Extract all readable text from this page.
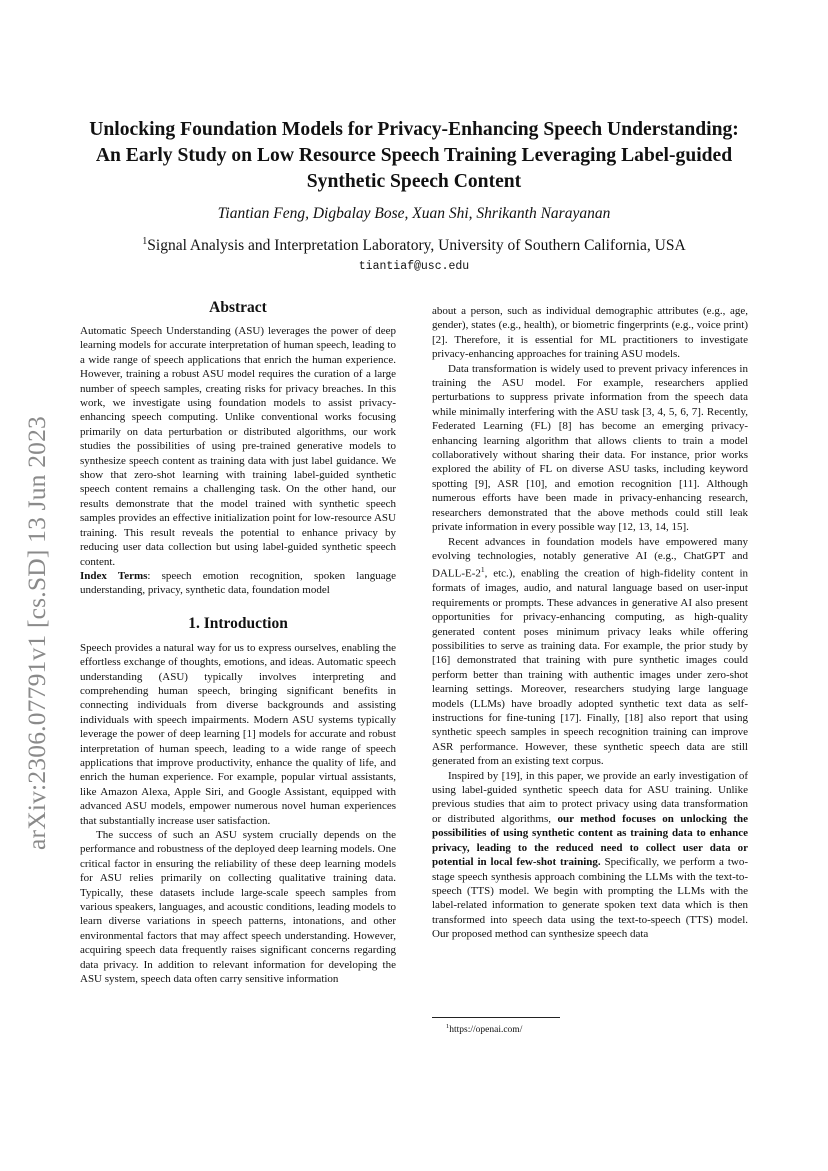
arXiv:2306.07791v1 [cs.SD] 13 Jun 2023
Unlocking Foundation Models for Privacy-Enhancing Speech Understanding:
An Early Study on Low Resource Speech Training Leveraging Label-guided
Synthetic Speech Content
Tiantian Feng, Digbalay Bose, Xuan Shi, Shrikanth Narayanan
$^1$Signal Analysis and Interpretation Laboratory, University of Southern California, USA
tiantiaf@usc.edu
Abstract

Automatic Speech Understanding (ASU) leverages the power of deep learning models for accurate interpretation of human speech, leading to a wide range of speech applications that enrich the human experience. However, training a robust ASU model requires the curation of a large number of speech samples, creating risks for privacy breaches. In this work, we investigate using foundation models to assist privacy-enhancing speech computing. Unlike conventional works focusing primarily on data perturbation or distributed algorithms, our work studies the possibilities of using pre-trained generative models to synthesize speech content as training data with just label guidance. We show that zero-shot learning with training label-guided synthetic speech content remains a challenging task. On the other hand, our results demonstrate that the model trained with synthetic speech samples provides an effective initialization point for low-resource ASU training. This result reveals the potential to enhance privacy by reducing user data collection but using label-guided synthetic speech content.

Index Terms: speech emotion recognition, spoken language understanding, privacy, synthetic data, foundation model

1. Introduction

Speech provides a natural way for us to express ourselves, enabling the effortless exchange of thoughts, emotions, and ideas. Automatic speech understanding (ASU) typically involves interpreting and comprehending human speech, bringing significant benefits in connecting individuals from diverse backgrounds and assisting individuals with speech impairments. Modern ASU systems typically leverage the power of deep learning [1] models for accurate and robust interpretation of human speech, leading to a wide range of speech applications that improve productivity, enhance the quality of life, and enrich the human experience. For example, popular virtual assistants, like Amazon Alexa, Apple Siri, and Google Assistant, equipped with advanced ASU models, empower numerous novel human experiences that substantially increase user satisfaction.

The success of such an ASU system crucially depends on the performance and robustness of the deployed deep learning models. One critical factor in ensuring the reliability of these deep learning models for ASU relies primarily on collecting qualitative training data. Typically, these datasets include large-scale speech samples from various speakers, languages, and acoustic conditions, leading models to learn diverse variations in speech patterns, intonations, and other environmental factors that may affect speech understanding. However, acquiring speech data frequently raises significant concerns regarding data privacy. In addition to relevant information for developing the ASU system, speech data often carry sensitive information

about a person, such as individual demographic attributes (e.g., age, gender), states (e.g., health), or biometric fingerprints (e.g., voice print) [2]. Therefore, it is essential for ML practitioners to investigate privacy-enhancing approaches for training ASU models.

Data transformation is widely used to prevent privacy inferences in training the ASU model. For example, researchers applied perturbations to suppress private information from the speech data while minimally interfering with the ASU task [3, 4, 5, 6, 7]. Recently, Federated Learning (FL) [8] has become an emerging privacy-enhancing learning algorithm that allows clients to train a model collaboratively without sharing their data. For instance, prior works explored the ability of FL on diverse ASU tasks, including keyword spotting [9], ASR [10], and emotion recognition [11]. Although numerous efforts have been made in privacy-enhancing research, researchers demonstrated that the above methods could still leak private information in every possible way [12, 13, 14, 15].

Recent advances in foundation models have empowered many evolving technologies, notably generative AI (e.g., ChatGPT and DALL-E-2$^1$, etc.), enabling the creation of high-fidelity content in formats of images, audio, and natural language based on user-input requirements or prompts. These advances in generative AI also present opportunities for privacy-enhancing computing, as high-quality generated content poses minimum privacy leaks while offering possibilities to serve as training data. For example, the prior study by [16] demonstrated that training with pure synthetic images could perform better than training with authentic images under zero-shot learning settings. Moreover, researchers studying large language models (LLMs) have broadly adopted synthetic text data as self-instructions for fine-tuning [17]. Finally, [18] also report that using synthetic speech samples in speech recognition training can improve ASR performance. However, these synthetic speech data are still generated from an existing text corpus.

Inspired by [19], in this paper, we provide an early investigation of using label-guided synthetic speech data for ASU training. Unlike previous studies that aim to protect privacy using data transformation or distributed algorithms, our method focuses on unlocking the possibilities of using synthetic content as training data to enhance privacy, leading to the reduced need to collect user data or potential in local few-shot training. Specifically, we perform a two-stage speech synthesis approach combining the LLMs with the text-to-speech (TTS) model. We begin with prompting the LLMs with the label-related information to generate spoken text data which is then transformed into speech data using the text-to-speech (TTS) model. Our proposed method can synthesize speech data

$^1$https://openai.com/
